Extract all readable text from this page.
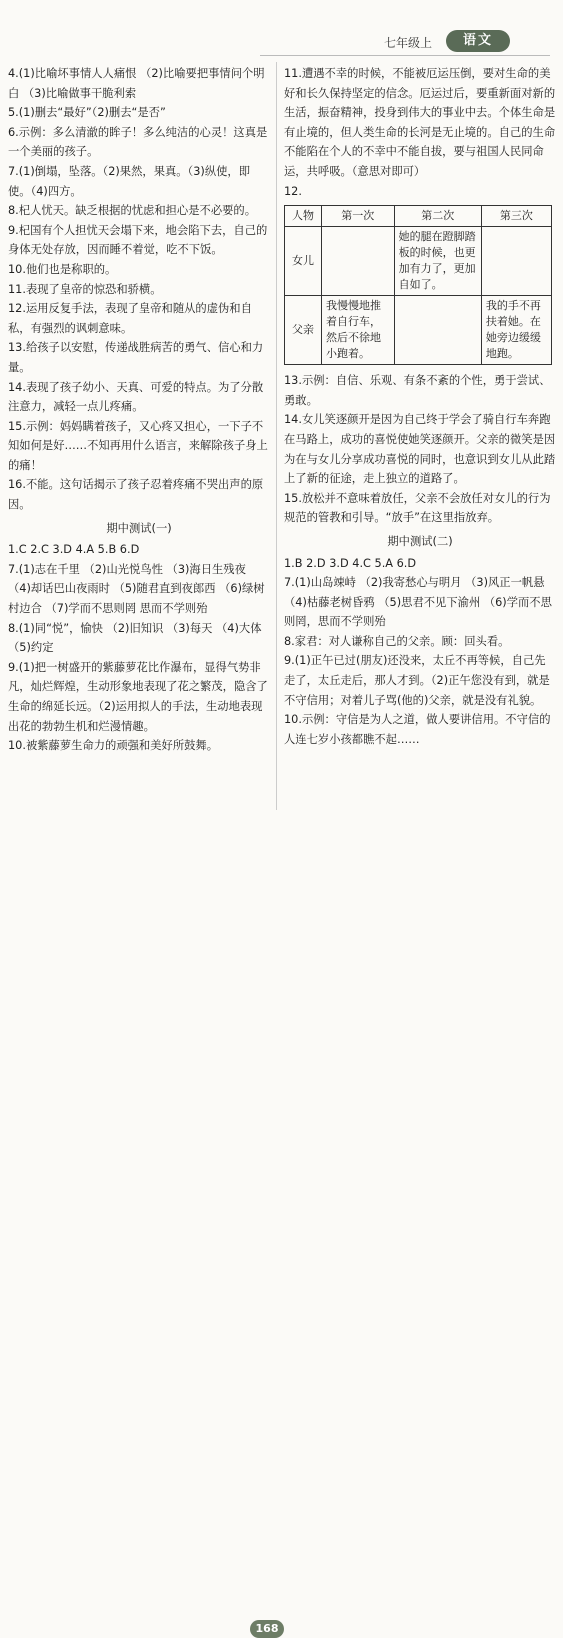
七年级上	语文

4.(1)比喻坏事情人人痛恨 （2)比喻要把事情问个明白 （3)比喻做事干脆利索

5.(1)删去“最好”（2)删去“是否”

6.示例：多么清澈的眸子！多么纯洁的心灵！这真是一个美丽的孩子。

7.(1)倒塌，坠落。（2)果然，果真。（3)纵使，即使。（4)四方。

8.杞人忧天。缺乏根据的忧虑和担心是不必要的。

9.杞国有个人担忧天会塌下来，地会陷下去，自己的身体无处存放，因而睡不着觉，吃不下饭。

10.他们也是称职的。

11.表现了皇帝的惊恐和骄横。

12.运用反复手法，表现了皇帝和随从的虚伪和自私，有强烈的讽刺意味。

13.给孩子以安慰，传递战胜病苦的勇气、信心和力量。

14.表现了孩子幼小、天真、可爱的特点。为了分散注意力，减轻一点儿疼痛。

15.示例：妈妈瞒着孩子，又心疼又担心，一下子不知如何是好……不知再用什么语言，来解除孩子身上的痛！

16.不能。这句话揭示了孩子忍着疼痛不哭出声的原因。

期中测试(一)

1.C 2.C 3.D 4.A 5.B 6.D

7.(1)志在千里 （2)山光悦鸟性 （3)海日生残夜 （4)却话巴山夜雨时 （5)随君直到夜郎西 （6)绿树村边合 （7)学而不思则罔 思而不学则殆

8.(1)同“悦”，愉快 （2)旧知识 （3)每天 （4)大体 （5)约定

9.(1)把一树盛开的紫藤萝花比作瀑布，显得气势非凡，灿烂辉煌，生动形象地表现了花之繁茂，隐含了生命的绵延长远。（2)运用拟人的手法，生动地表现出花的勃勃生机和烂漫情趣。

10.被紫藤萝生命力的顽强和美好所鼓舞。

11.遭遇不幸的时候，不能被厄运压倒，要对生命的美好和长久保持坚定的信念。厄运过后，要重新面对新的生活，振奋精神，投身到伟大的事业中去。个体生命是有止境的，但人类生命的长河是无止境的。自己的生命不能陷在个人的不幸中不能自拔，要与祖国人民同命运，共呼吸。（意思对即可）

12.

人物	第一次	第二次	第三次
女儿		她的腿在蹬脚踏板的时候，也更加有力了，更加自如了。	
父亲	我慢慢地推着自行车，然后不徐地小跑着。		我的手不再扶着她。在她旁边缓缓地跑。

13.示例：自信、乐观、有条不紊的个性，勇于尝试、勇敢。

14.女儿笑逐颜开是因为自己终于学会了骑自行车奔跑在马路上，成功的喜悦使她笑逐颜开。父亲的微笑是因为在与女儿分享成功喜悦的同时，也意识到女儿从此踏上了新的征途，走上独立的道路了。

15.放松并不意味着放任，父亲不会放任对女儿的行为规范的管教和引导。“放手”在这里指放弃。

期中测试(二)

1.B 2.D 3.D 4.C 5.A 6.D

7.(1)山岛竦峙 （2)我寄愁心与明月 （3)风正一帆悬 （4)枯藤老树昏鸦 （5)思君不见下渝州 （6)学而不思则罔，思而不学则殆

8.家君：对人谦称自己的父亲。顾：回头看。

9.(1)正午已过(朋友)还没来，太丘不再等候，自己先走了，太丘走后，那人才到。（2)正午您没有到，就是不守信用；对着儿子骂(他的)父亲，就是没有礼貌。

10.示例：守信是为人之道，做人要讲信用。不守信的人连七岁小孩都瞧不起……

168
